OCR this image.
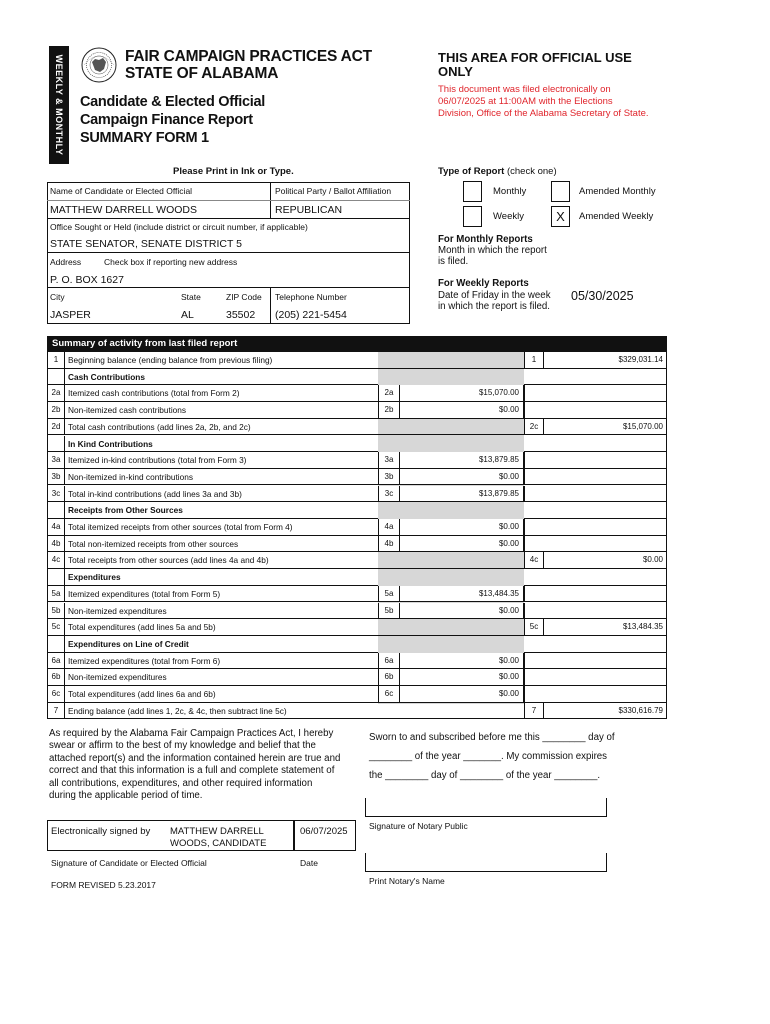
WEEKLY & MONTHLY	FAIR CAMPAIGN PRACTICES ACT
STATE OF ALABAMA
Candidate & Elected Official
Campaign Finance Report
SUMMARY FORM 1
THIS AREA FOR OFFICIAL USE
ONLY
This document was filed electronically on
06/07/2025 at 11:00AM with the Elections
Division, Office of the Alabama Secretary of State.
Please Print in Ink or Type.
Name of Candidate or Elected Official	Political Party / Ballot Affiliation
MATTHEW DARRELL WOODS	REPUBLICAN
Office Sought or Held (include district or circuit number, if applicable)
STATE SENATOR, SENATE DISTRICT 5
Address	Check box if reporting new address
P. O. BOX 1627
City	State	ZIP Code Telephone Number
JASPER	AL	35502 (205) 221-5454
Type of Report (check one)
Monthly	Amended Monthly
Weekly	X	Amended Weekly
For Monthly Reports
Month in which the report
is filed.
For Weekly Reports
Date of Friday in the week
in which the report is filed.
05/30/2025
Summary of activity from last filed report
1	Beginning balance (ending balance from previous filing)	1	$329,031.14
Cash Contributions
2a Itemized cash contributions (total from Form 2)	2a	$15,070.00
2b Non-itemized cash contributions	2b	$0.00
2d Total cash contributions (add lines 2a, 2b, and 2c)	2c	$15,070.00
In Kind Contributions
3a Itemized in-kind contributions (total from Form 3)	3a	$13,879.85
3b Non-itemized in-kind contributions	3b	$0.00
3c Total in-kind contributions (add lines 3a and 3b)	3c	$13,879.85
Receipts from Other Sources
4a Total itemized receipts from other sources (total from Form 4)	4a	$0.00
4b Total non-itemized receipts from other sources	4b	$0.00
4c Total receipts from other sources (add lines 4a and 4b)	4c	$0.00
Expenditures
5a Itemized expenditures (total from Form 5)	5a	$13,484.35
5b Non-itemized expenditures	5b	$0.00
5c Total expenditures (add lines 5a and 5b)	5c	$13,484.35
Expenditures on Line of Credit
6a Itemized expenditures (total from Form 6)	6a	$0.00
6b Non-itemized expenditures	6b	$0.00
6c Total expenditures (add lines 6a and 6b)	6c	$0.00
7	Ending balance (add lines 1, 2c, & 4c, then subtract line 5c)	7	$330,616.79
As required by the Alabama Fair Campaign Practices Act, I hereby
swear or affirm to the best of my knowledge and belief that the
attached report(s) and the information contained herein are true and
correct and that this information is a full and complete statement of
all contributions, expenditures, and other required information
during the applicable period of time.
Sworn to and subscribed before me this ________ day of
________ of the year _______. My commission expires
the ________ day of ________ of the year ________.
Electronically signed by MATTHEW DARRELL
WOODS, CANDIDATE
06/07/2025
Signature of Candidate or Elected Official	Date
Signature of Notary Public
Print Notary's Name
FORM REVISED 5.23.2017
